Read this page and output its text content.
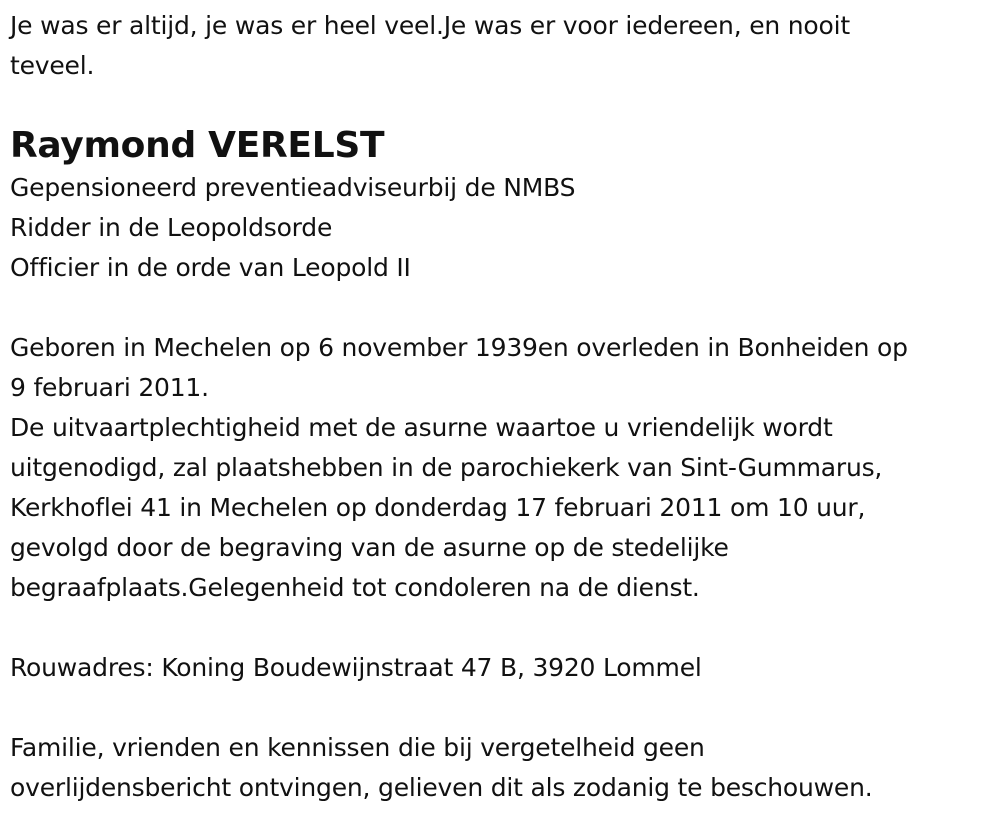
Je was er altijd, je was er heel veel.Je was er voor iedereen, en nooit

teveel.

Raymond VERELST

Gepensioneerd preventieadviseurbij de NMBS

Ridder in de Leopoldsorde

Officier in de orde van Leopold II

Geboren in Mechelen op 6 november 1939en overleden in Bonheiden op

9 februari 2011.

De uitvaartplechtigheid met de asurne waartoe u vriendelijk wordt

uitgenodigd, zal plaatshebben in de parochiekerk van Sint-Gummarus,

Kerkhoflei 41 in Mechelen op donderdag 17 februari 2011 om 10 uur,

gevolgd door de begraving van de asurne op de stedelijke

begraafplaats.Gelegenheid tot condoleren na de dienst.

Rouwadres: Koning Boudewijnstraat 47 B, 3920 Lommel

Familie, vrienden en kennissen die bij vergetelheid geen

overlijdensbericht ontvingen, gelieven dit als zodanig te beschouwen.
